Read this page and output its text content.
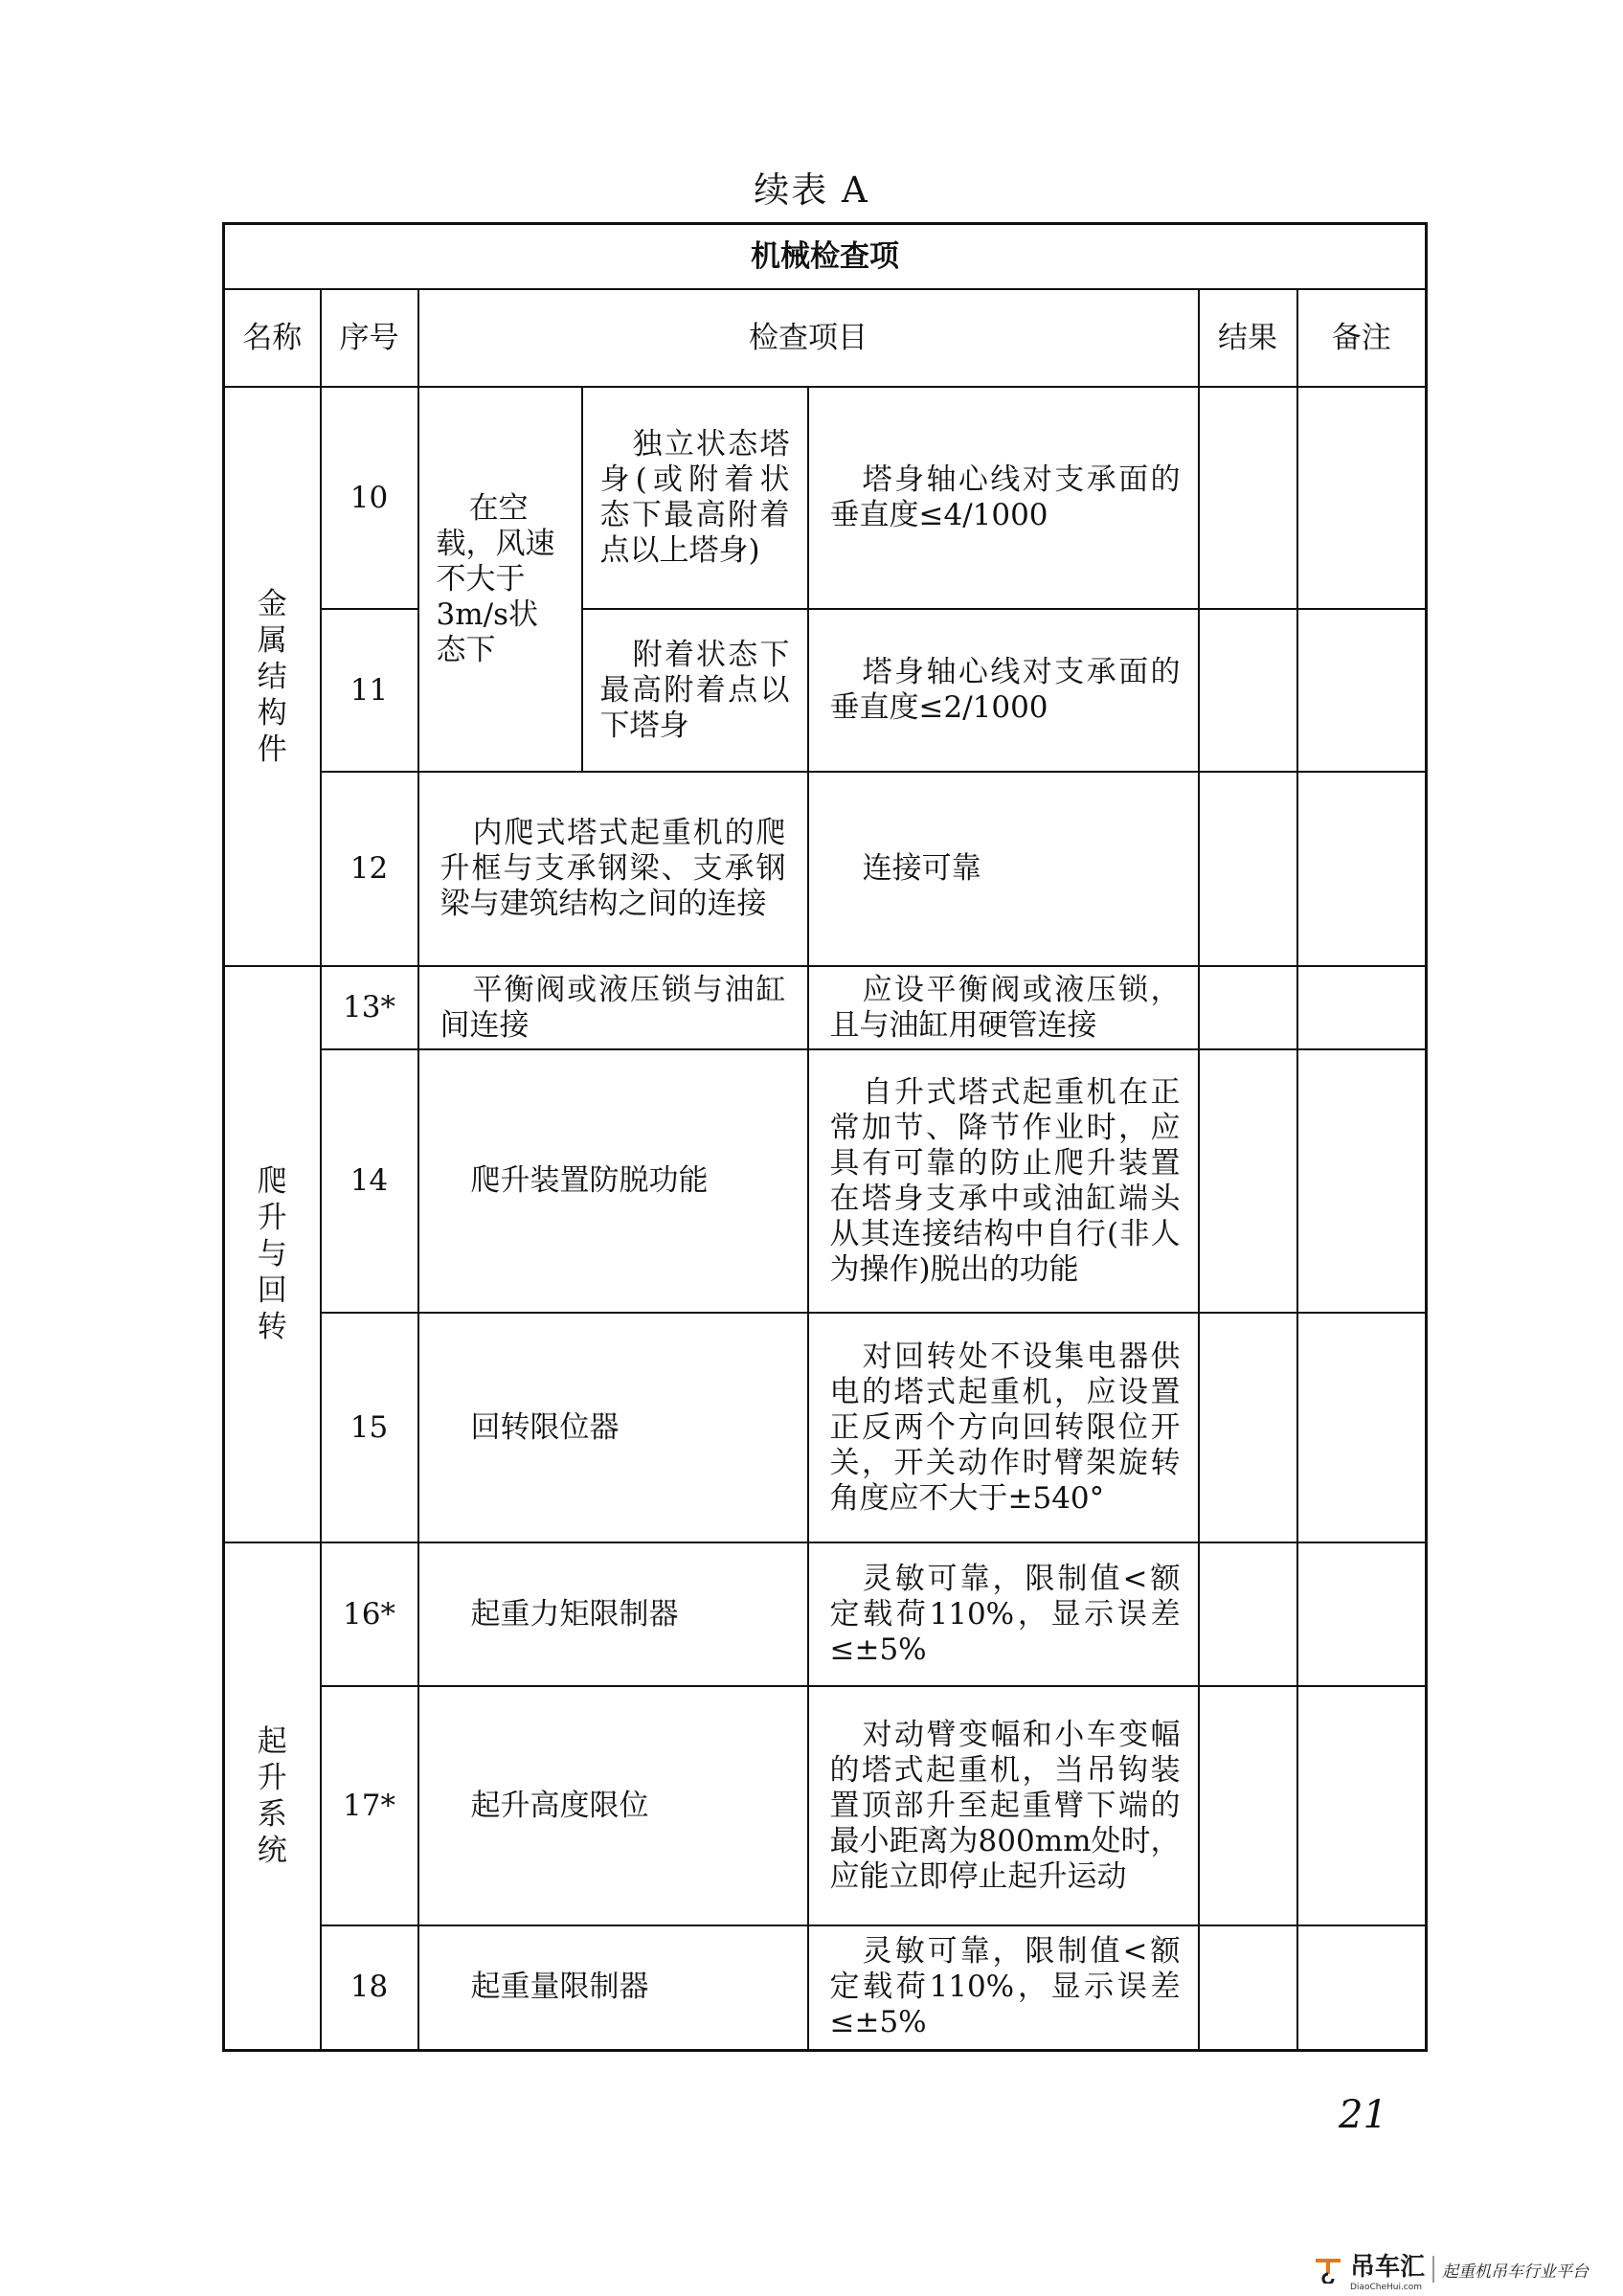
续表 A
机械检查项						
名称	序号	检查项目			结果	备注
金属结构件	10	在空载，风速不大于3m/s状态下	独立状态塔身(或附着状态下最高附着点以上塔身)	塔身轴心线对支承面的垂直度≤4/1000		

	11		附着状态下最高附着点以下塔身	塔身轴心线对支承面的垂直度≤2/1000		

	12	内爬式塔式起重机的爬升框与支承钢梁、支承钢梁与建筑结构之间的连接		连接可靠		

爬升与回转	13*	平衡阀或液压锁与油缸间连接		应设平衡阀或液压锁，且与油缸用硬管连接		

	14	爬升装置防脱功能		自升式塔式起重机在正常加节、降节作业时，应具有可靠的防止爬升装置在塔身支承中或油缸端头从其连接结构中自行(非人为操作)脱出的功能		

	15	回转限位器		对回转处不设集电器供电的塔式起重机，应设置正反两个方向回转限位开关，开关动作时臂架旋转角度应不大于±540°		

起升系统	16*	起重力矩限制器		灵敏可靠，限制值<额定载荷110%，显示误差≤±5%		

	17*	起升高度限位		对动臂变幅和小车变幅的塔式起重机，当吊钩装置顶部升至起重臂下端的最小距离为800mm处时，应能立即停止起升运动		

	18	起重量限制器		灵敏可靠，限制值<额定载荷110%，显示误差≤±5%		

21
吊车汇
DiaoCheHui.com
起重机吊车行业平台
